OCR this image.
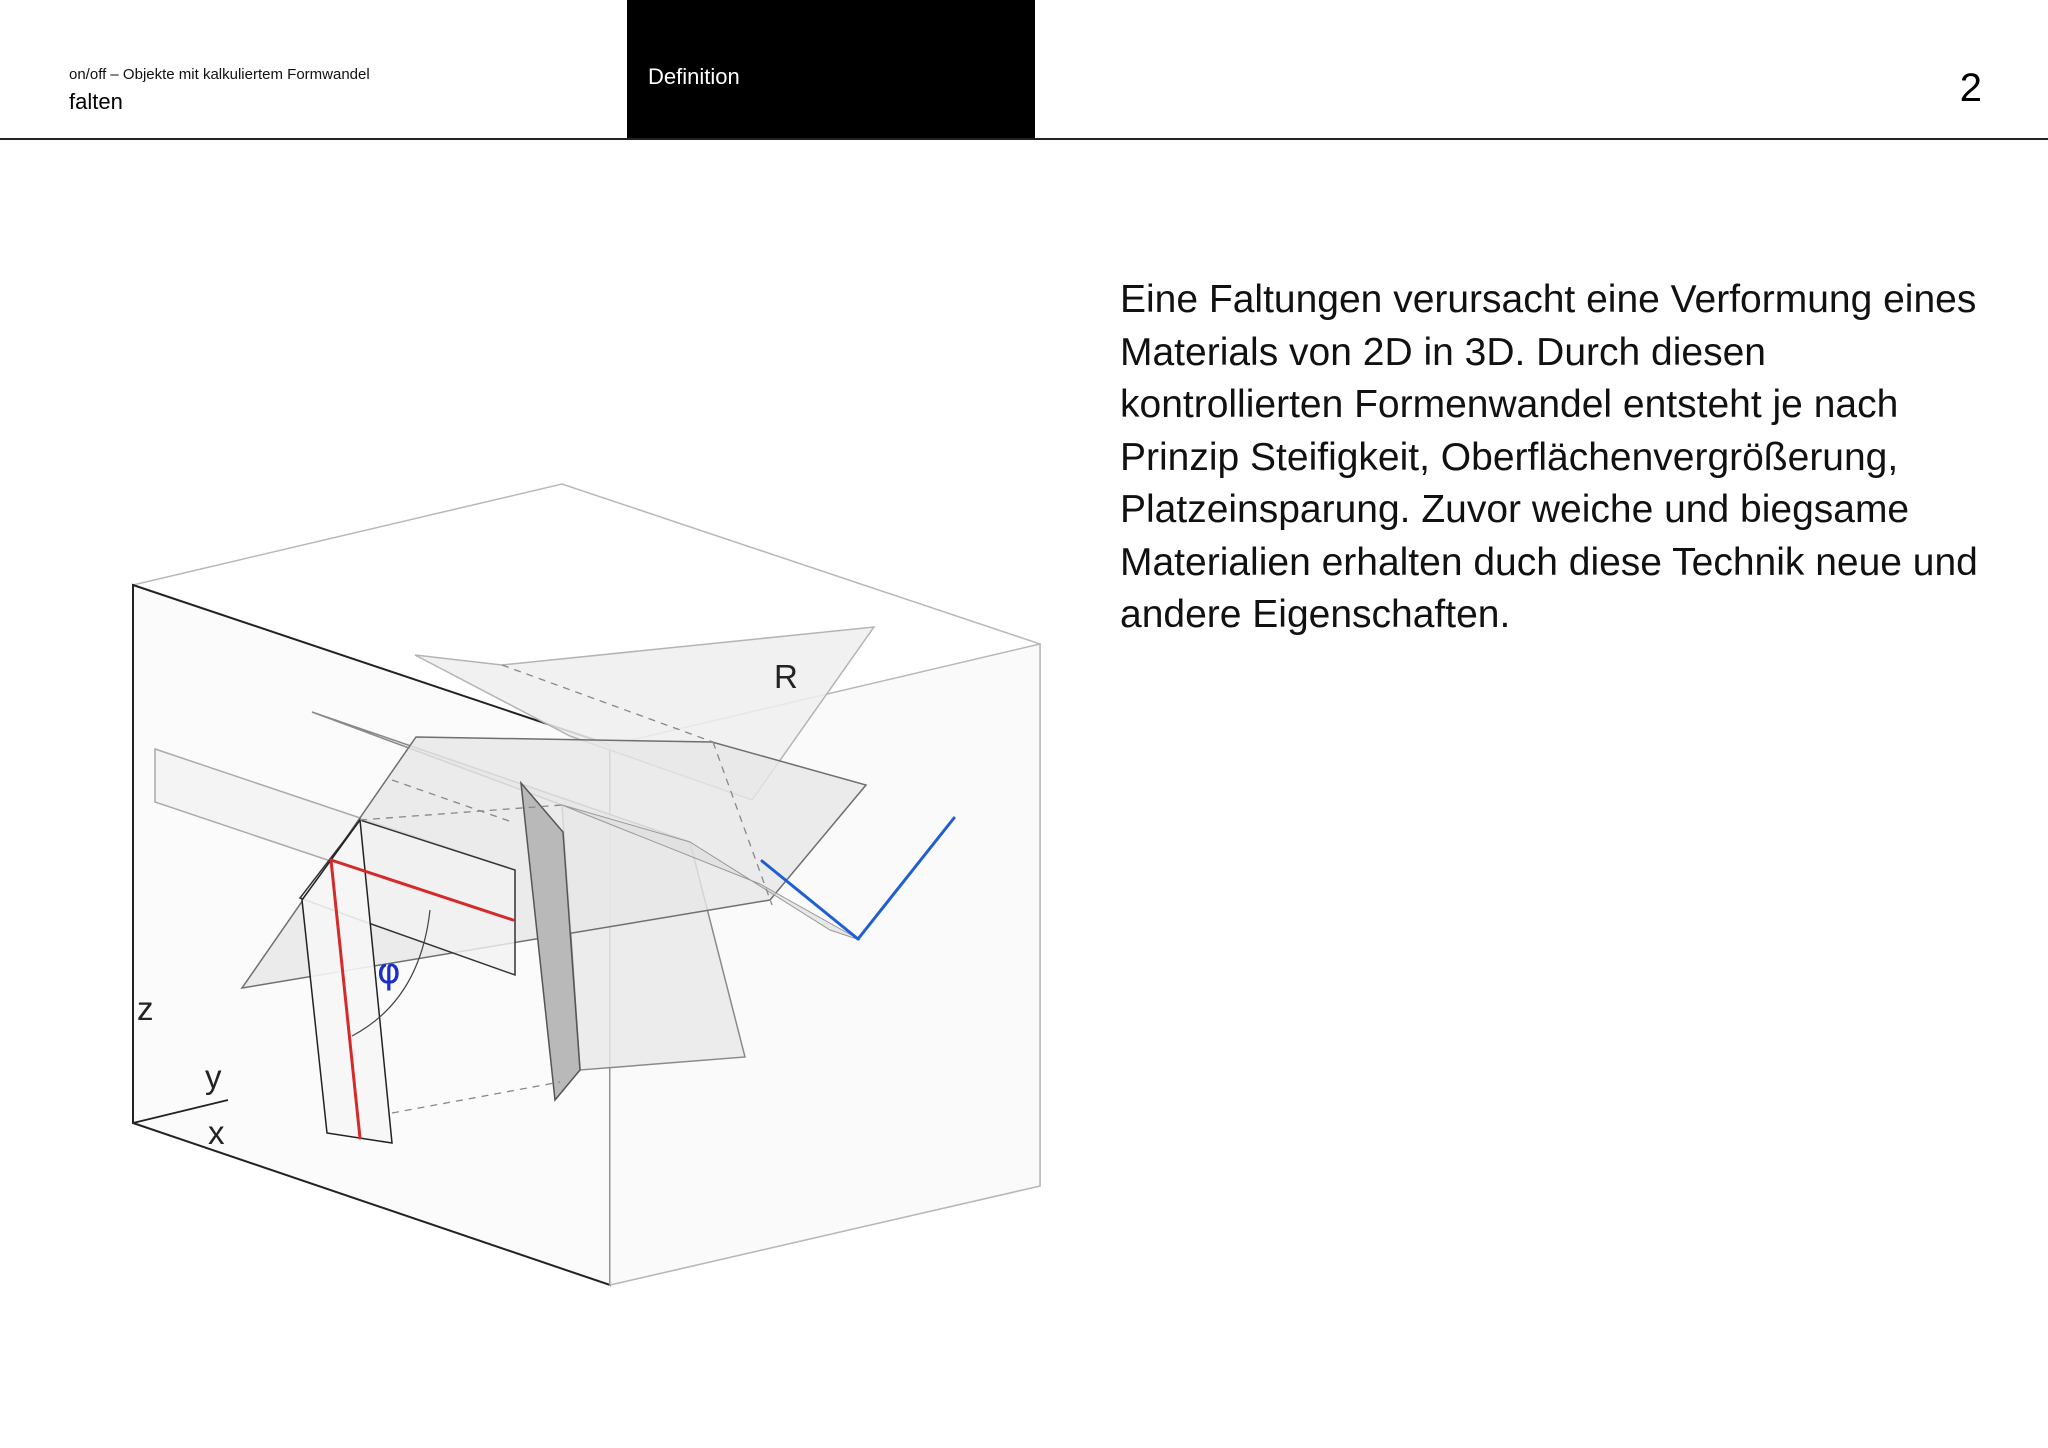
on/off – Objekte mit kalkuliertem Formwandel
falten
Definition	2
R
φ
z
y
x

Eine Faltungen verursacht eine Verformung eines Materials von 2D in 3D. Durch diesen kontrollierten Formenwandel entsteht je nach Prinzip Steifigkeit, Oberflächenvergrößerung, Platzeinsparung. Zuvor weiche und biegsame Materialien erhalten duch diese Technik neue und andere Eigenschaften.
